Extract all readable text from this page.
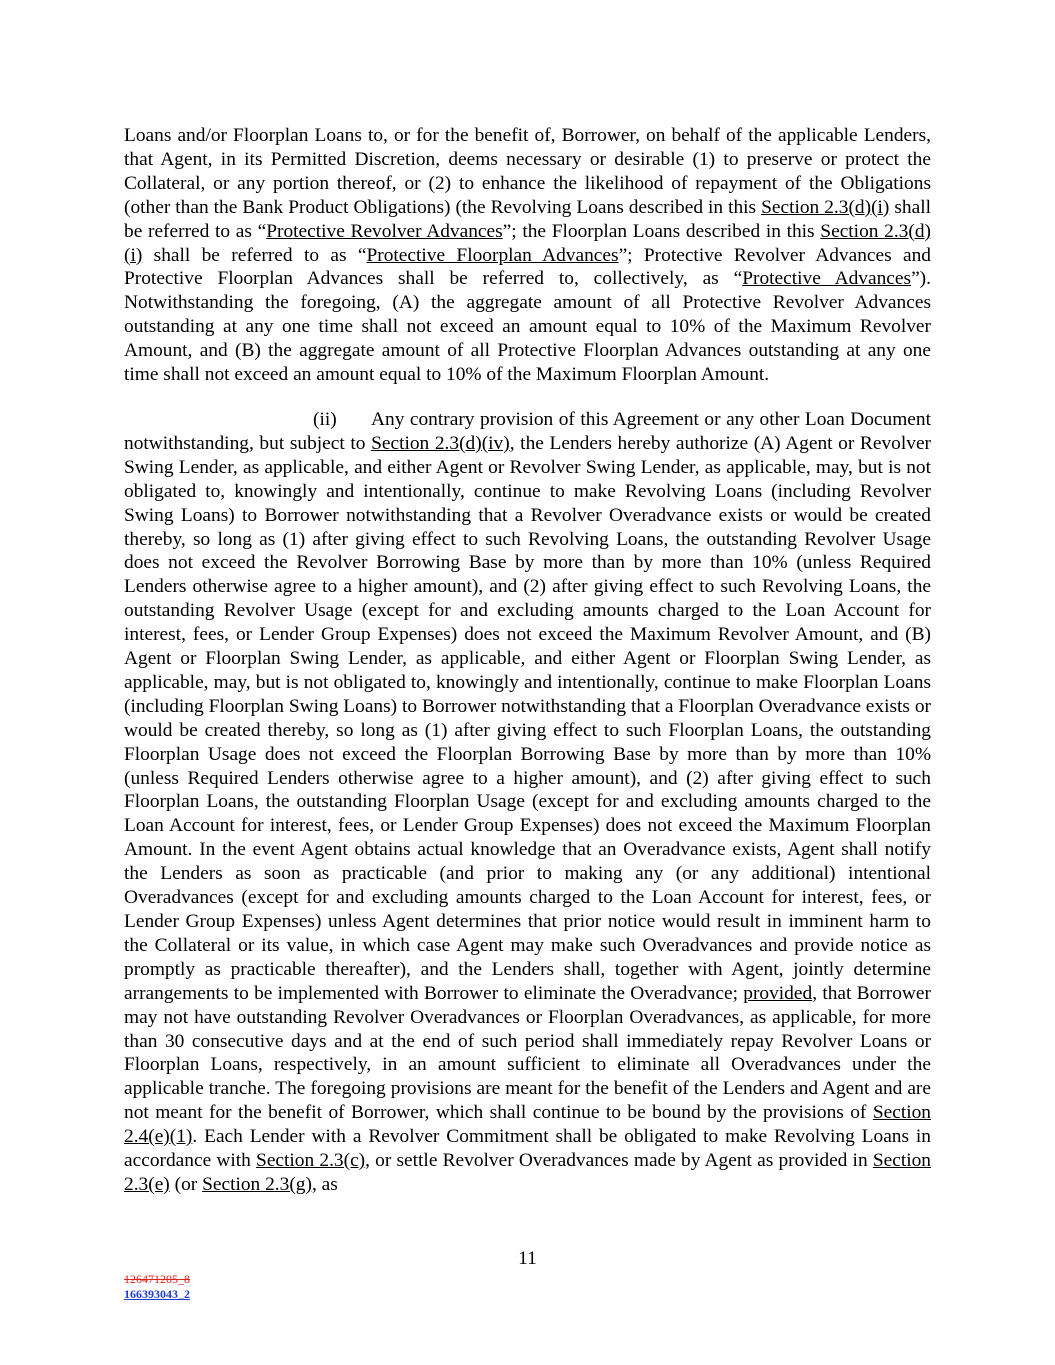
Loans and/or Floorplan Loans to, or for the benefit of, Borrower, on behalf of the applicable Lenders, that Agent, in its Permitted Discretion, deems necessary or desirable (1) to preserve or protect the Collateral, or any portion thereof, or (2) to enhance the likelihood of repayment of the Obligations (other than the Bank Product Obligations) (the Revolving Loans described in this Section 2.3(d)(i) shall be referred to as “Protective Revolver Advances”; the Floorplan Loans described in this Section 2.3(d)(i) shall be referred to as “Protective Floorplan Advances”; Protective Revolver Advances and Protective Floorplan Advances shall be referred to, collectively, as “Protective Advances”). Notwithstanding the foregoing, (A) the aggregate amount of all Protective Revolver Advances outstanding at any one time shall not exceed an amount equal to 10% of the Maximum Revolver Amount, and (B) the aggregate amount of all Protective Floorplan Advances outstanding at any one time shall not exceed an amount equal to 10% of the Maximum Floorplan Amount.

(ii) Any contrary provision of this Agreement or any other Loan Document notwithstanding, but subject to Section 2.3(d)(iv), the Lenders hereby authorize (A) Agent or Revolver Swing Lender, as applicable, and either Agent or Revolver Swing Lender, as applicable, may, but is not obligated to, knowingly and intentionally, continue to make Revolving Loans (including Revolver Swing Loans) to Borrower notwithstanding that a Revolver Overadvance exists or would be created thereby, so long as (1) after giving effect to such Revolving Loans, the outstanding Revolver Usage does not exceed the Revolver Borrowing Base by more than by more than 10% (unless Required Lenders otherwise agree to a higher amount), and (2) after giving effect to such Revolving Loans, the outstanding Revolver Usage (except for and excluding amounts charged to the Loan Account for interest, fees, or Lender Group Expenses) does not exceed the Maximum Revolver Amount, and (B) Agent or Floorplan Swing Lender, as applicable, and either Agent or Floorplan Swing Lender, as applicable, may, but is not obligated to, knowingly and intentionally, continue to make Floorplan Loans (including Floorplan Swing Loans) to Borrower notwithstanding that a Floorplan Overadvance exists or would be created thereby, so long as (1) after giving effect to such Floorplan Loans, the outstanding Floorplan Usage does not exceed the Floorplan Borrowing Base by more than by more than 10% (unless Required Lenders otherwise agree to a higher amount), and (2) after giving effect to such Floorplan Loans, the outstanding Floorplan Usage (except for and excluding amounts charged to the Loan Account for interest, fees, or Lender Group Expenses) does not exceed the Maximum Floorplan Amount. In the event Agent obtains actual knowledge that an Overadvance exists, Agent shall notify the Lenders as soon as practicable (and prior to making any (or any additional) intentional Overadvances (except for and excluding amounts charged to the Loan Account for interest, fees, or Lender Group Expenses) unless Agent determines that prior notice would result in imminent harm to the Collateral or its value, in which case Agent may make such Overadvances and provide notice as promptly as practicable thereafter), and the Lenders shall, together with Agent, jointly determine arrangements to be implemented with Borrower to eliminate the Overadvance; provided, that Borrower may not have outstanding Revolver Overadvances or Floorplan Overadvances, as applicable, for more than 30 consecutive days and at the end of such period shall immediately repay Revolver Loans or Floorplan Loans, respectively, in an amount sufficient to eliminate all Overadvances under the applicable tranche. The foregoing provisions are meant for the benefit of the Lenders and Agent and are not meant for the benefit of Borrower, which shall continue to be bound by the provisions of Section 2.4(e)(1). Each Lender with a Revolver Commitment shall be obligated to make Revolving Loans in accordance with Section 2.3(c), or settle Revolver Overadvances made by Agent as provided in Section 2.3(e) (or Section 2.3(g), as

11
126471205_8
166393043_2
